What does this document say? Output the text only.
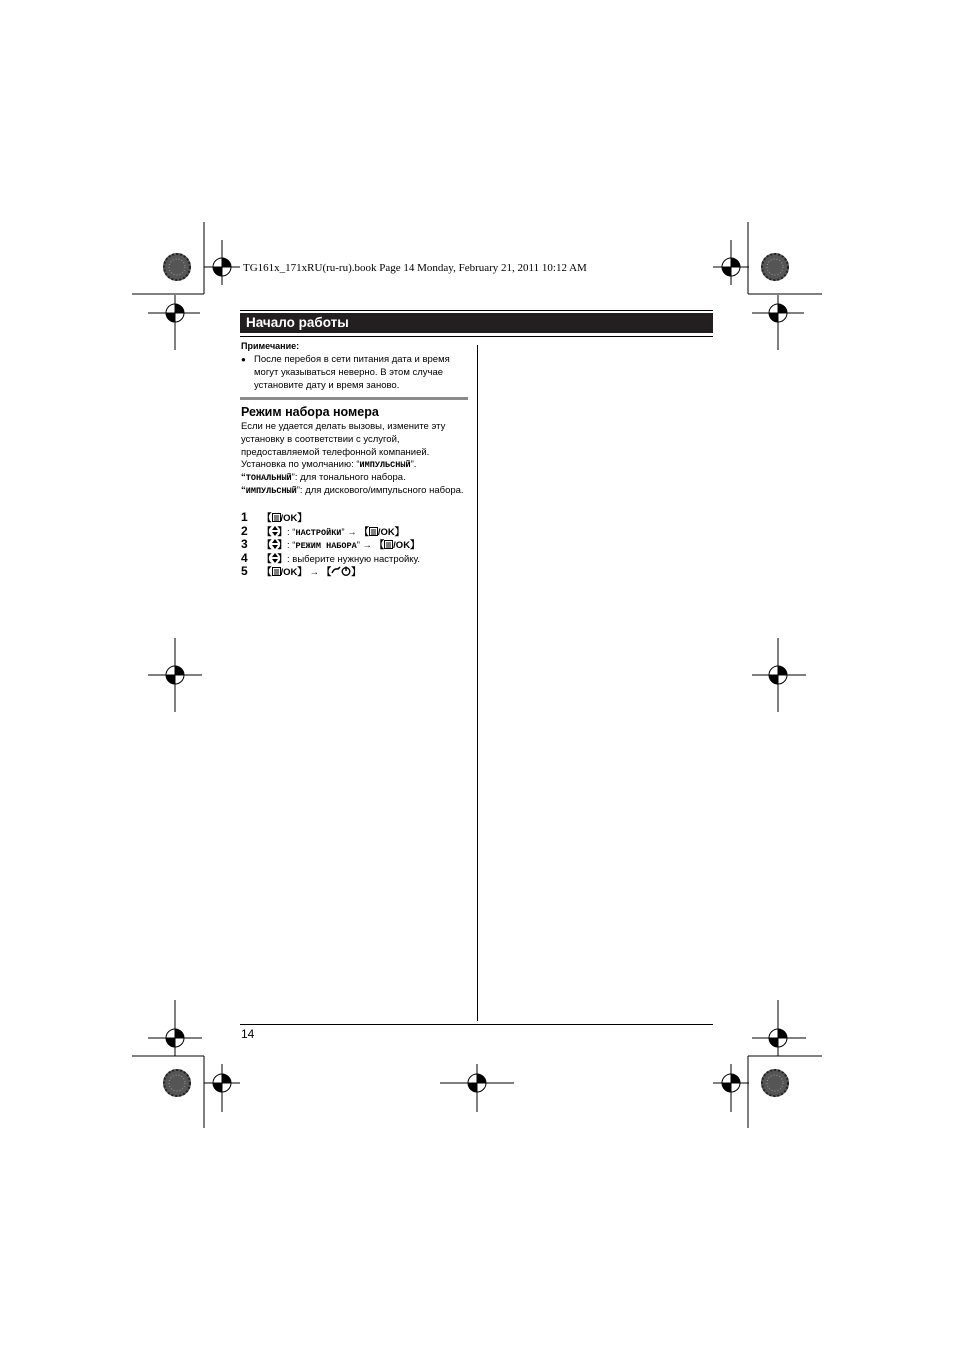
TG161x_171xRU(ru-ru).book Page 14 Monday, February 21, 2011 10:12 AM
Начало работы
Примечание:
● После перебоя в сети питания дата и время могут указываться неверно. В этом случае установите дату и время заново.
Режим набора номера
Если не удается делать вызовы, измените эту установку в соответствии с услугой, предоставляемой телефонной компанией.
Установка по умолчанию: “ИМПУЛЬСНЫЙ”.
“ТОНАЛЬНЫЙ”: для тонального набора.
“ИМПУЛЬСНЫЙ”: для дискового/импульсного набора.
1 【 /OK】
2 【 】: “НАСТРОЙКИ” → 【 /OK】
3 【 】: “РЕЖИМ НАБОРА” → 【 /OK】
4 【 】: выберите нужную настройку.
5 【 /OK】 → 【 】
14
